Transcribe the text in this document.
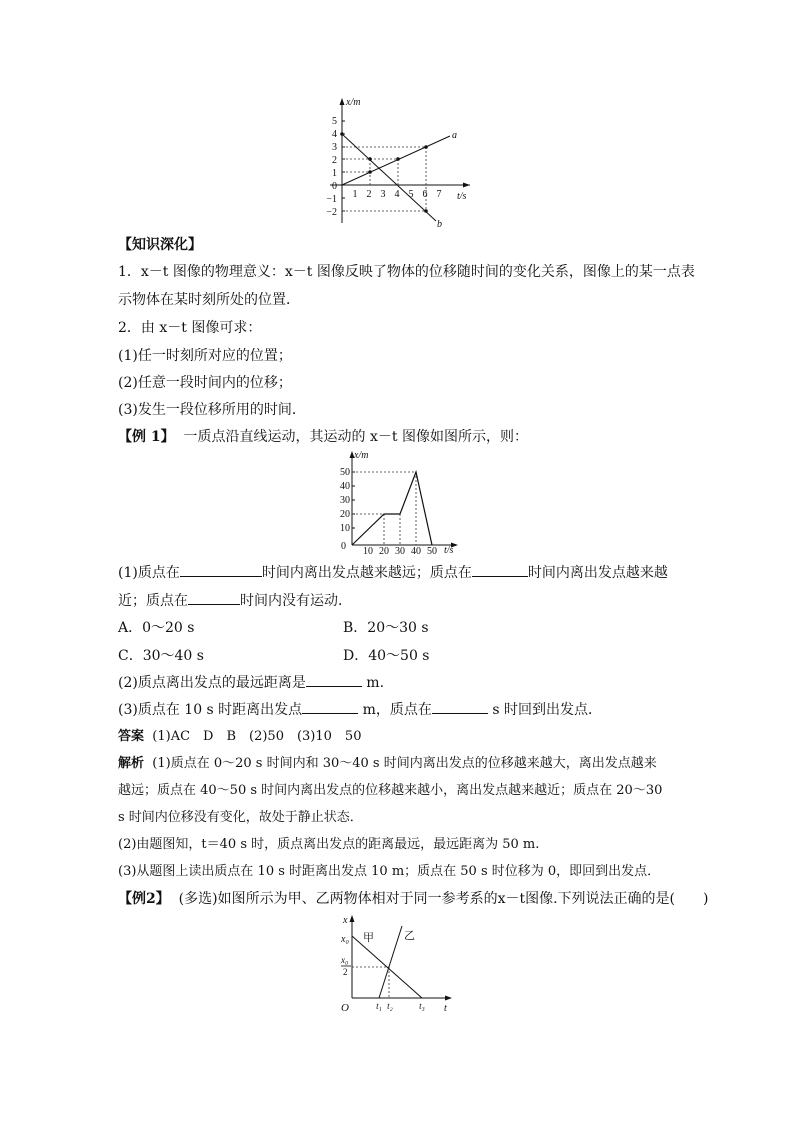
x/m
t/s
5
4
3
2
1
0
−1
−2
1 2 3 4 5 6 7
a
b
【知识深化】
1．x－t 图像的物理意义：x－t 图像反映了物体的位移随时间的变化关系，图像上的某一点表
示物体在某时刻所处的位置．
2．由 x－t 图像可求：
(1)任一时刻所对应的位置；
(2)任意一段时间内的位移；
(3)发生一段位移所用的时间．
【例 1】 一质点沿直线运动，其运动的 x－t 图像如图所示，则：
x/m
t/s
50
40
30
20
10
0 10 20 30 40 50
(1)质点在	时间内离出发点越来越远；质点在	时间内离出发点越来越
近；质点在	时间内没有运动．
A．0～20 s	B．20～30 s
C．30～40 s	D．40～50 s
(2)质点离出发点的最远距离是	m.
(3)质点在 10 s 时距离出发点	m，质点在	s 时回到出发点．
答案 (1)AC　D　B　(2)50　(3)10　50
解析 (1)质点在 0～20 s 时间内和 30～40 s 时间内离出发点的位移越来越大，离出发点越来
越远；质点在 40～50 s 时间内离出发点的位移越来越小，离出发点越来越近；质点在 20～30
s 时间内位移没有变化，故处于静止状态．
(2)由题图知，t＝40 s 时，质点离出发点的距离最远，最远距离为 50 m.
(3)从题图上读出质点在 10 s 时距离出发点 10 m；质点在 50 s 时位移为 0，即回到出发点．
【例2】 (多选)如图所示为甲、乙两物体相对于同一参考系的x－t图像.下列说法正确的是(　　)
x
t
O
x₀
x₀
2
甲	乙
t₁ t₂	t₃
